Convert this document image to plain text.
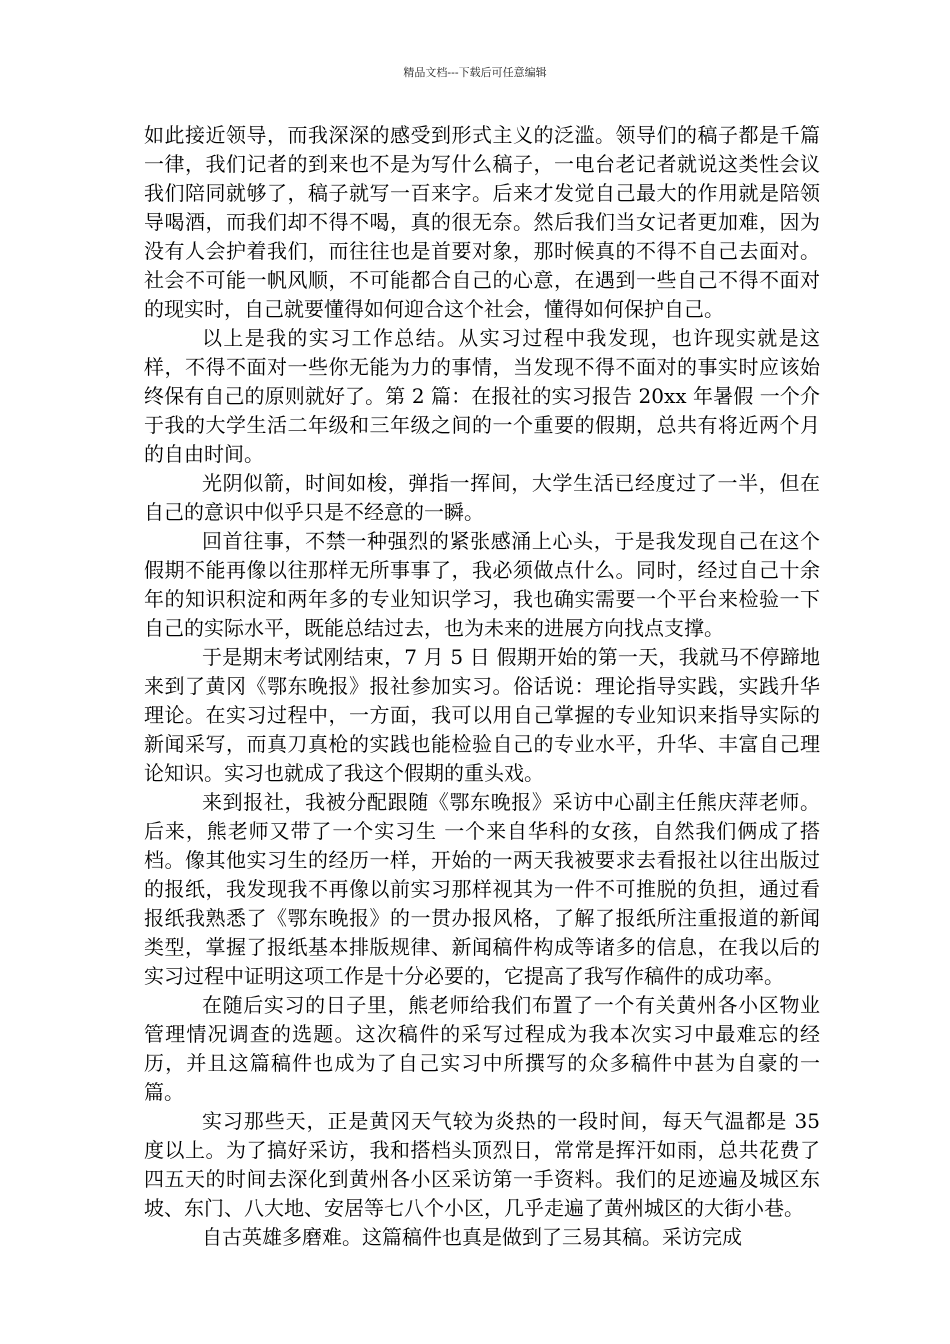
精品文档---下载后可任意编辑

如此接近领导，而我深深的感受到形式主义的泛滥。领导们的稿子都是千篇一律，我们记者的到来也不是为写什么稿子，一电台老记者就说这类性会议我们陪同就够了，稿子就写一百来字。后来才发觉自己最大的作用就是陪领导喝酒，而我们却不得不喝，真的很无奈。然后我们当女记者更加难，因为没有人会护着我们，而往往也是首要对象，那时候真的不得不自己去面对。社会不可能一帆风顺，不可能都合自己的心意，在遇到一些自己不得不面对的现实时，自己就要懂得如何迎合这个社会，懂得如何保护自己。

以上是我的实习工作总结。从实习过程中我发现，也许现实就是这样，不得不面对一些你无能为力的事情，当发现不得不面对的事实时应该始终保有自己的原则就好了。第 2 篇：在报社的实习报告 20xx 年暑假 一个介于我的大学生活二年级和三年级之间的一个重要的假期，总共有将近两个月的自由时间。

光阴似箭，时间如梭，弹指一挥间，大学生活已经度过了一半，但在自己的意识中似乎只是不经意的一瞬。

回首往事，不禁一种强烈的紧张感涌上心头，于是我发现自己在这个假期不能再像以往那样无所事事了，我必须做点什么。同时，经过自己十余年的知识积淀和两年多的专业知识学习，我也确实需要一个平台来检验一下自己的实际水平，既能总结过去，也为未来的进展方向找点支撑。

于是期末考试刚结束，7 月 5 日 假期开始的第一天，我就马不停蹄地来到了黄冈《鄂东晚报》报社参加实习。俗话说：理论指导实践，实践升华理论。在实习过程中，一方面，我可以用自己掌握的专业知识来指导实际的新闻采写，而真刀真枪的实践也能检验自己的专业水平，升华、丰富自己理论知识。实习也就成了我这个假期的重头戏。

来到报社，我被分配跟随《鄂东晚报》采访中心副主任熊庆萍老师。后来，熊老师又带了一个实习生 一个来自华科的女孩，自然我们俩成了搭档。像其他实习生的经历一样，开始的一两天我被要求去看报社以往出版过的报纸，我发现我不再像以前实习那样视其为一件不可推脱的负担，通过看报纸我熟悉了《鄂东晚报》的一贯办报风格，了解了报纸所注重报道的新闻类型，掌握了报纸基本排版规律、新闻稿件构成等诸多的信息，在我以后的实习过程中证明这项工作是十分必要的，它提高了我写作稿件的成功率。

在随后实习的日子里，熊老师给我们布置了一个有关黄州各小区物业管理情况调查的选题。这次稿件的采写过程成为我本次实习中最难忘的经历，并且这篇稿件也成为了自己实习中所撰写的众多稿件中甚为自豪的一篇。

实习那些天，正是黄冈天气较为炎热的一段时间，每天气温都是 35 度以上。为了搞好采访，我和搭档头顶烈日，常常是挥汗如雨，总共花费了四五天的时间去深化到黄州各小区采访第一手资料。我们的足迹遍及城区东坡、东门、八大地、安居等七八个小区，几乎走遍了黄州城区的大街小巷。

自古英雄多磨难。这篇稿件也真是做到了三易其稿。采访完成
